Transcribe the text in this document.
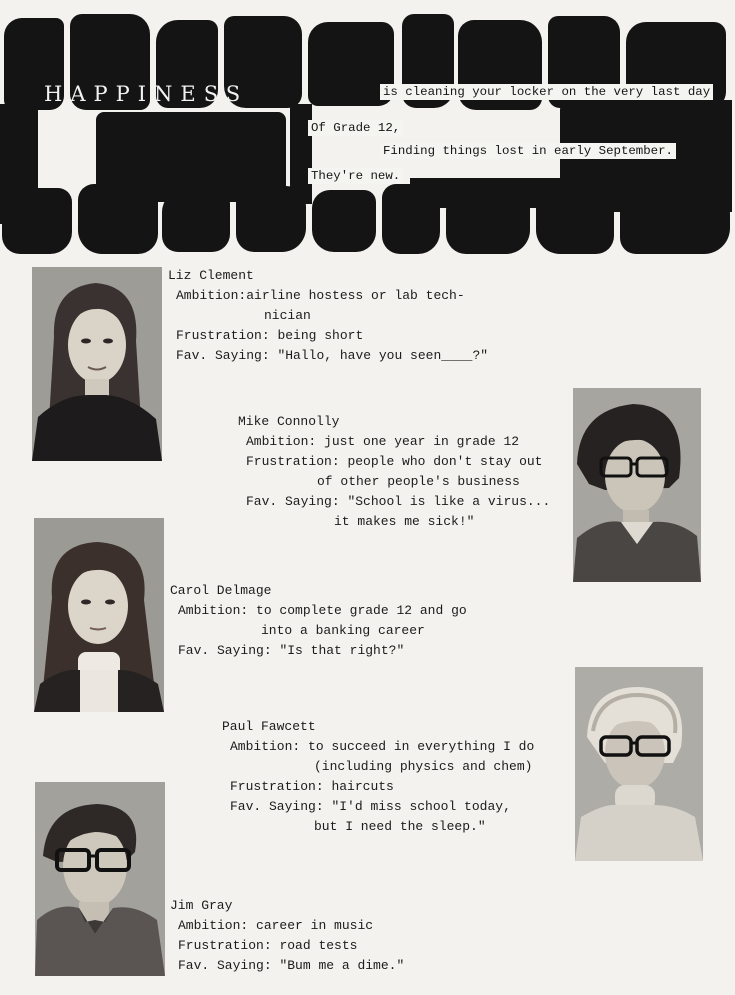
HAPPINESS	is cleaning your locker on the very last day
Of Grade 12,
Finding things lost in early September.
They're new.
Liz Clement
Ambition:airline hostess or lab tech-
nician
Frustration: being short
Fav. Saying: "Hallo, have you seen____?"
Mike Connolly
Ambition: just one year in grade 12
Frustration: people who don't stay out
of other people's business
Fav. Saying: "School is like a virus...
it makes me sick!"
Carol Delmage
Ambition: to complete grade 12 and go
into a banking career
Fav. Saying: "Is that right?"
Paul Fawcett
Ambition: to succeed in everything I do
(including physics and chem)
Frustration: haircuts
Fav. Saying: "I'd miss school today,
but I need the sleep."
Jim Gray
Ambition: career in music
Frustration: road tests
Fav. Saying: "Bum me a dime."
